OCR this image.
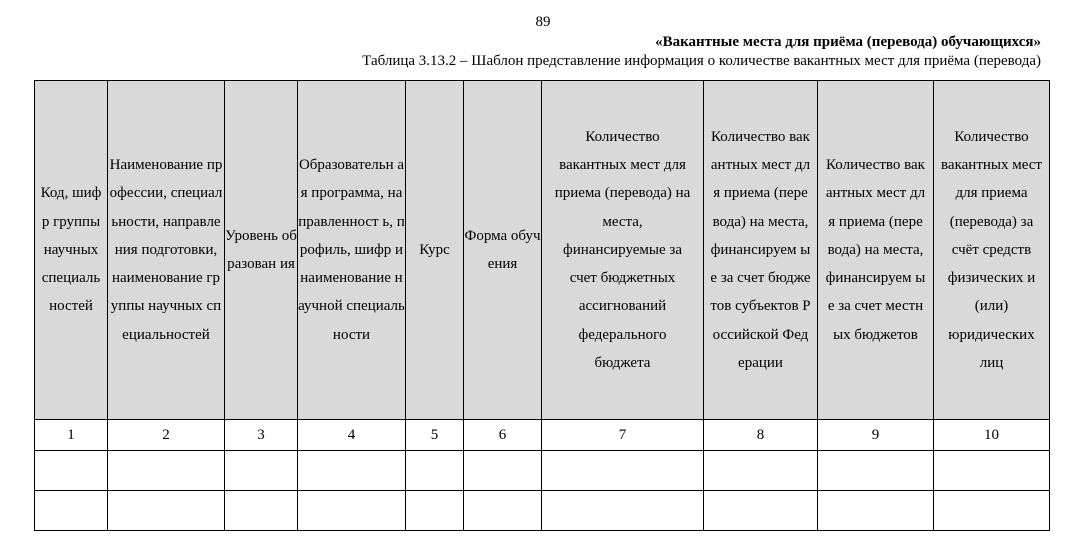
89
«Вакантные места для приёма (перевода) обучающихся»
Таблица 3.13.2 – Шаблон представление информация о количестве вакантных мест для приёма (перевода)
Код, шифр группы научных специаль ностей	Наименование профессии, специальности, направления подготовки, наименование группы научных специальностей	Уровень образован ия	Образовательн ая программа, направленност ь, профиль, шифр и наименование научной специальности	Курс	Форма обучения	Количество вакантных мест для приема (перевода) на места, финансируемые за счет бюджетных ассигнований федерального бюджета	Количество вакантных мест для приема (перевода) на места, финансируем ые за счет бюджетов субъектов Российской Федерации	Количество вакантных мест для приема (перевода) на места, финансируем ые за счет местных бюджетов	Количество вакантных мест для приема (перевода) за счёт средств физических и (или) юридических лиц

1	2	3	4	5	6	7	8	9	10
